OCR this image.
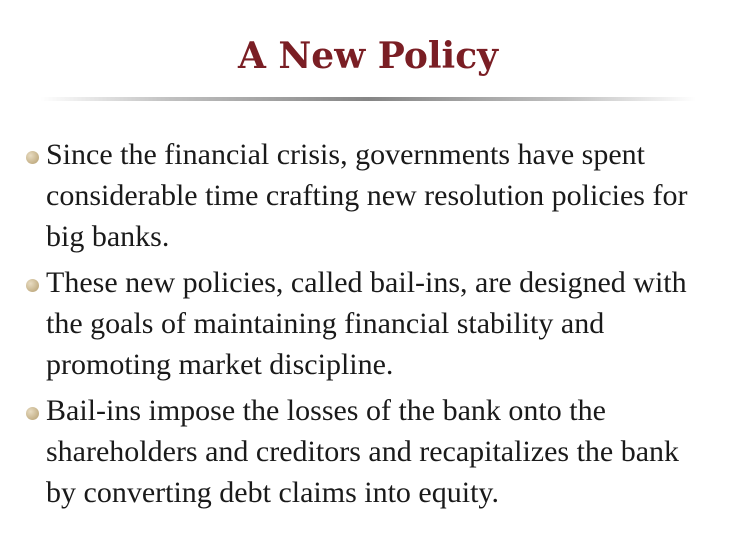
A New Policy
Since the financial crisis, governments have spent considerable time crafting new resolution policies for big banks.
These new policies, called bail-ins, are designed with the goals of maintaining financial stability and promoting market discipline.
Bail-ins impose the losses of the bank onto the shareholders and creditors and recapitalizes the bank by converting debt claims into equity.
